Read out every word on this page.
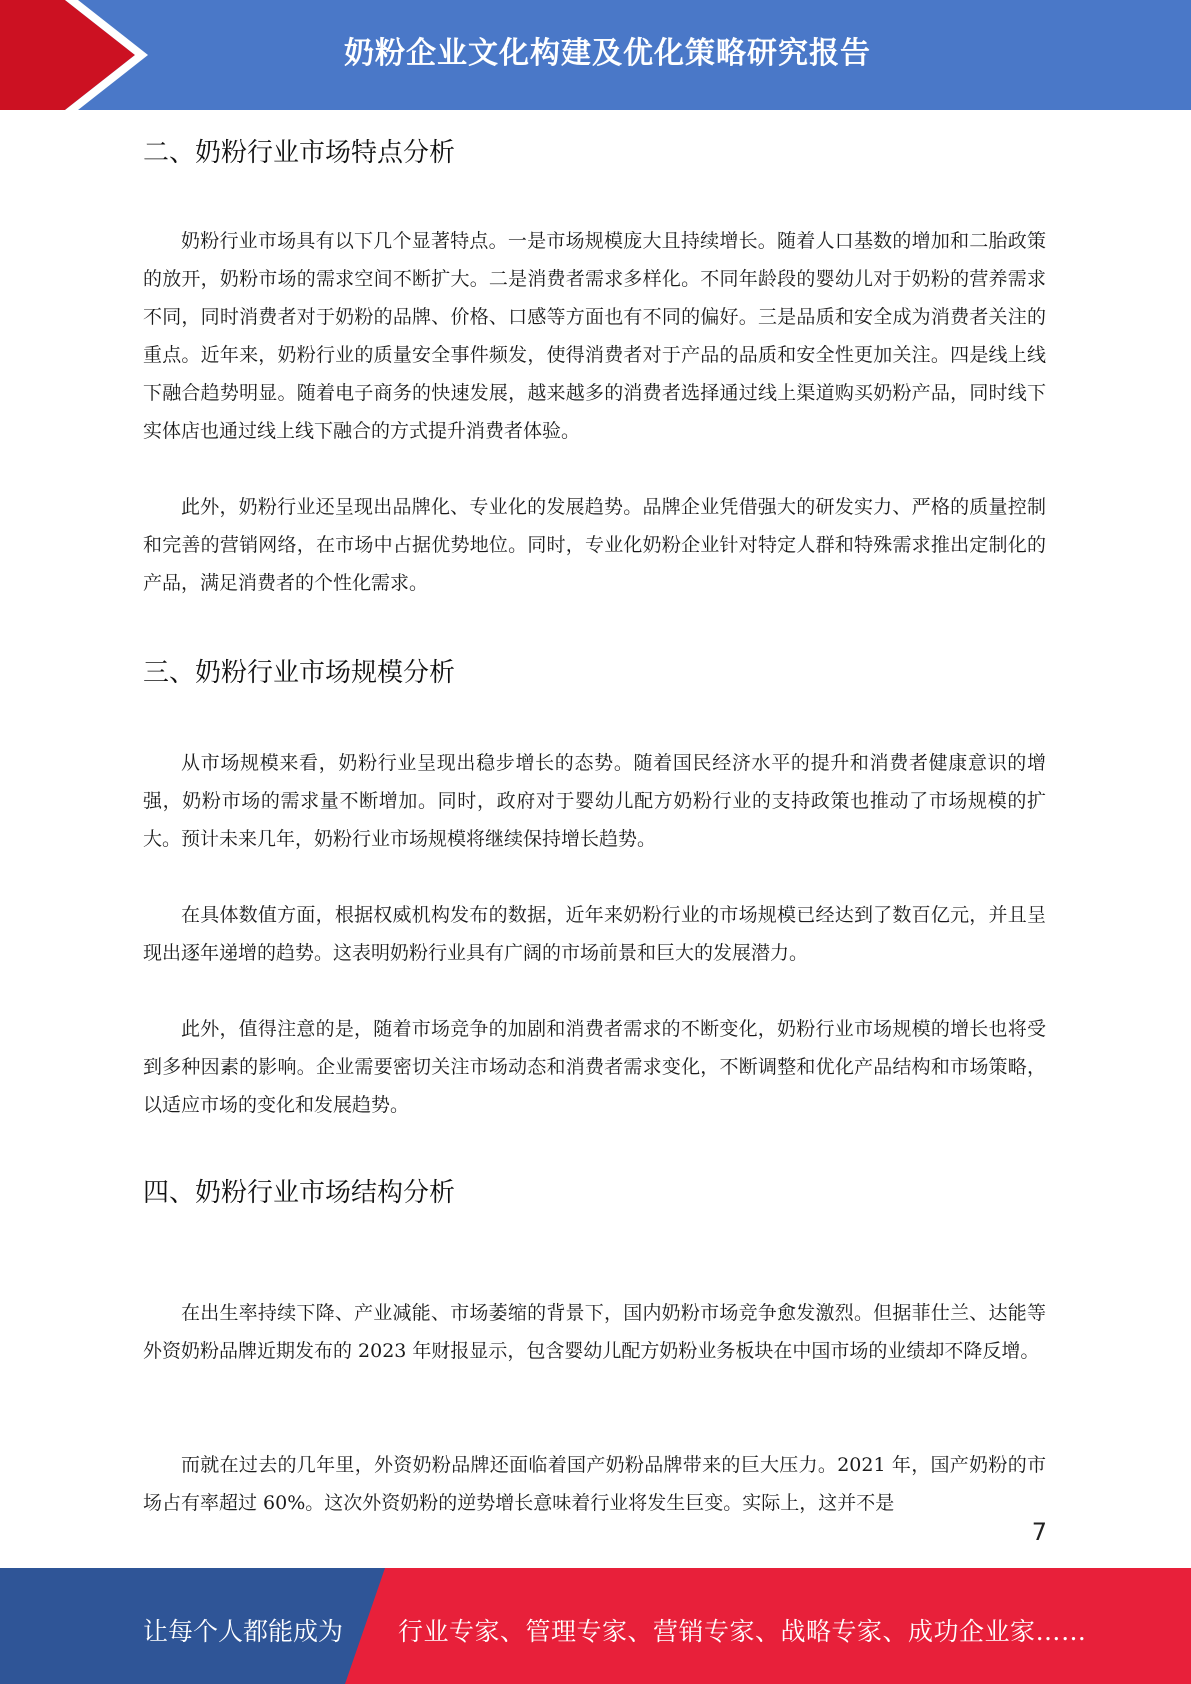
奶粉企业文化构建及优化策略研究报告
二、奶粉行业市场特点分析

奶粉行业市场具有以下几个显著特点。一是市场规模庞大且持续增长。随着人口基数的增加和二胎政策的放开，奶粉市场的需求空间不断扩大。二是消费者需求多样化。不同年龄段的婴幼儿对于奶粉的营养需求不同，同时消费者对于奶粉的品牌、价格、口感等方面也有不同的偏好。三是品质和安全成为消费者关注的重点。近年来，奶粉行业的质量安全事件频发，使得消费者对于产品的品质和安全性更加关注。四是线上线下融合趋势明显。随着电子商务的快速发展，越来越多的消费者选择通过线上渠道购买奶粉产品，同时线下实体店也通过线上线下融合的方式提升消费者体验。

此外，奶粉行业还呈现出品牌化、专业化的发展趋势。品牌企业凭借强大的研发实力、严格的质量控制和完善的营销网络，在市场中占据优势地位。同时，专业化奶粉企业针对特定人群和特殊需求推出定制化的产品，满足消费者的个性化需求。

三、奶粉行业市场规模分析

从市场规模来看，奶粉行业呈现出稳步增长的态势。随着国民经济水平的提升和消费者健康意识的增强，奶粉市场的需求量不断增加。同时，政府对于婴幼儿配方奶粉行业的支持政策也推动了市场规模的扩大。预计未来几年，奶粉行业市场规模将继续保持增长趋势。

在具体数值方面，根据权威机构发布的数据，近年来奶粉行业的市场规模已经达到了数百亿元，并且呈现出逐年递增的趋势。这表明奶粉行业具有广阔的市场前景和巨大的发展潜力。

此外，值得注意的是，随着市场竞争的加剧和消费者需求的不断变化，奶粉行业市场规模的增长也将受到多种因素的影响。企业需要密切关注市场动态和消费者需求变化，不断调整和优化产品结构和市场策略，以适应市场的变化和发展趋势。

四、奶粉行业市场结构分析

在出生率持续下降、产业减能、市场萎缩的背景下，国内奶粉市场竞争愈发激烈。但据菲仕兰、达能等外资奶粉品牌近期发布的 2023 年财报显示，包含婴幼儿配方奶粉业务板块在中国市场的业绩却不降反增。

而就在过去的几年里，外资奶粉品牌还面临着国产奶粉品牌带来的巨大压力。2021 年，国产奶粉的市场占有率超过 60%。这次外资奶粉的逆势增长意味着行业将发生巨变。实际上，这并不是

7
让每个人都能成为 行业专家、管理专家、营销专家、战略专家、成功企业家……
